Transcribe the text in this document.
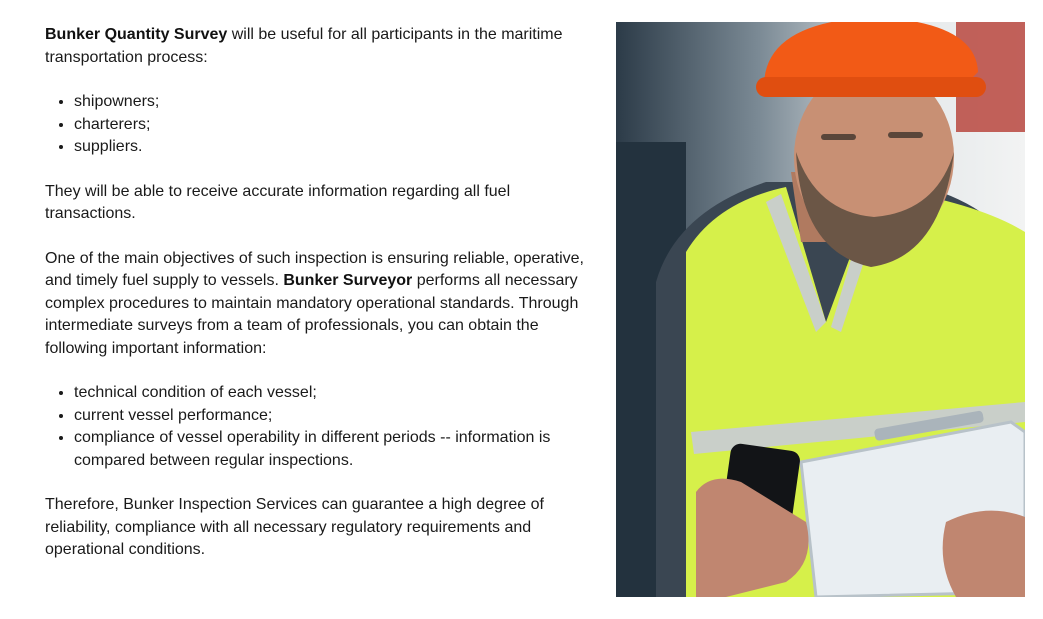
Bunker Quantity Survey will be useful for all participants in the maritime transportation process:

• shipowners;
• charterers;
• suppliers.

They will be able to receive accurate information regarding all fuel transactions.

One of the main objectives of such inspection is ensuring reliable, operative, and timely fuel supply to vessels. Bunker Surveyor performs all necessary complex procedures to maintain mandatory operational standards. Through intermediate surveys from a team of professionals, you can obtain the following important information:

• technical condition of each vessel;
• current vessel performance;
• compliance of vessel operability in different periods -- information is compared between regular inspections.

Therefore, Bunker Inspection Services can guarantee a high degree of reliability, compliance with all necessary regulatory requirements and operational conditions.
